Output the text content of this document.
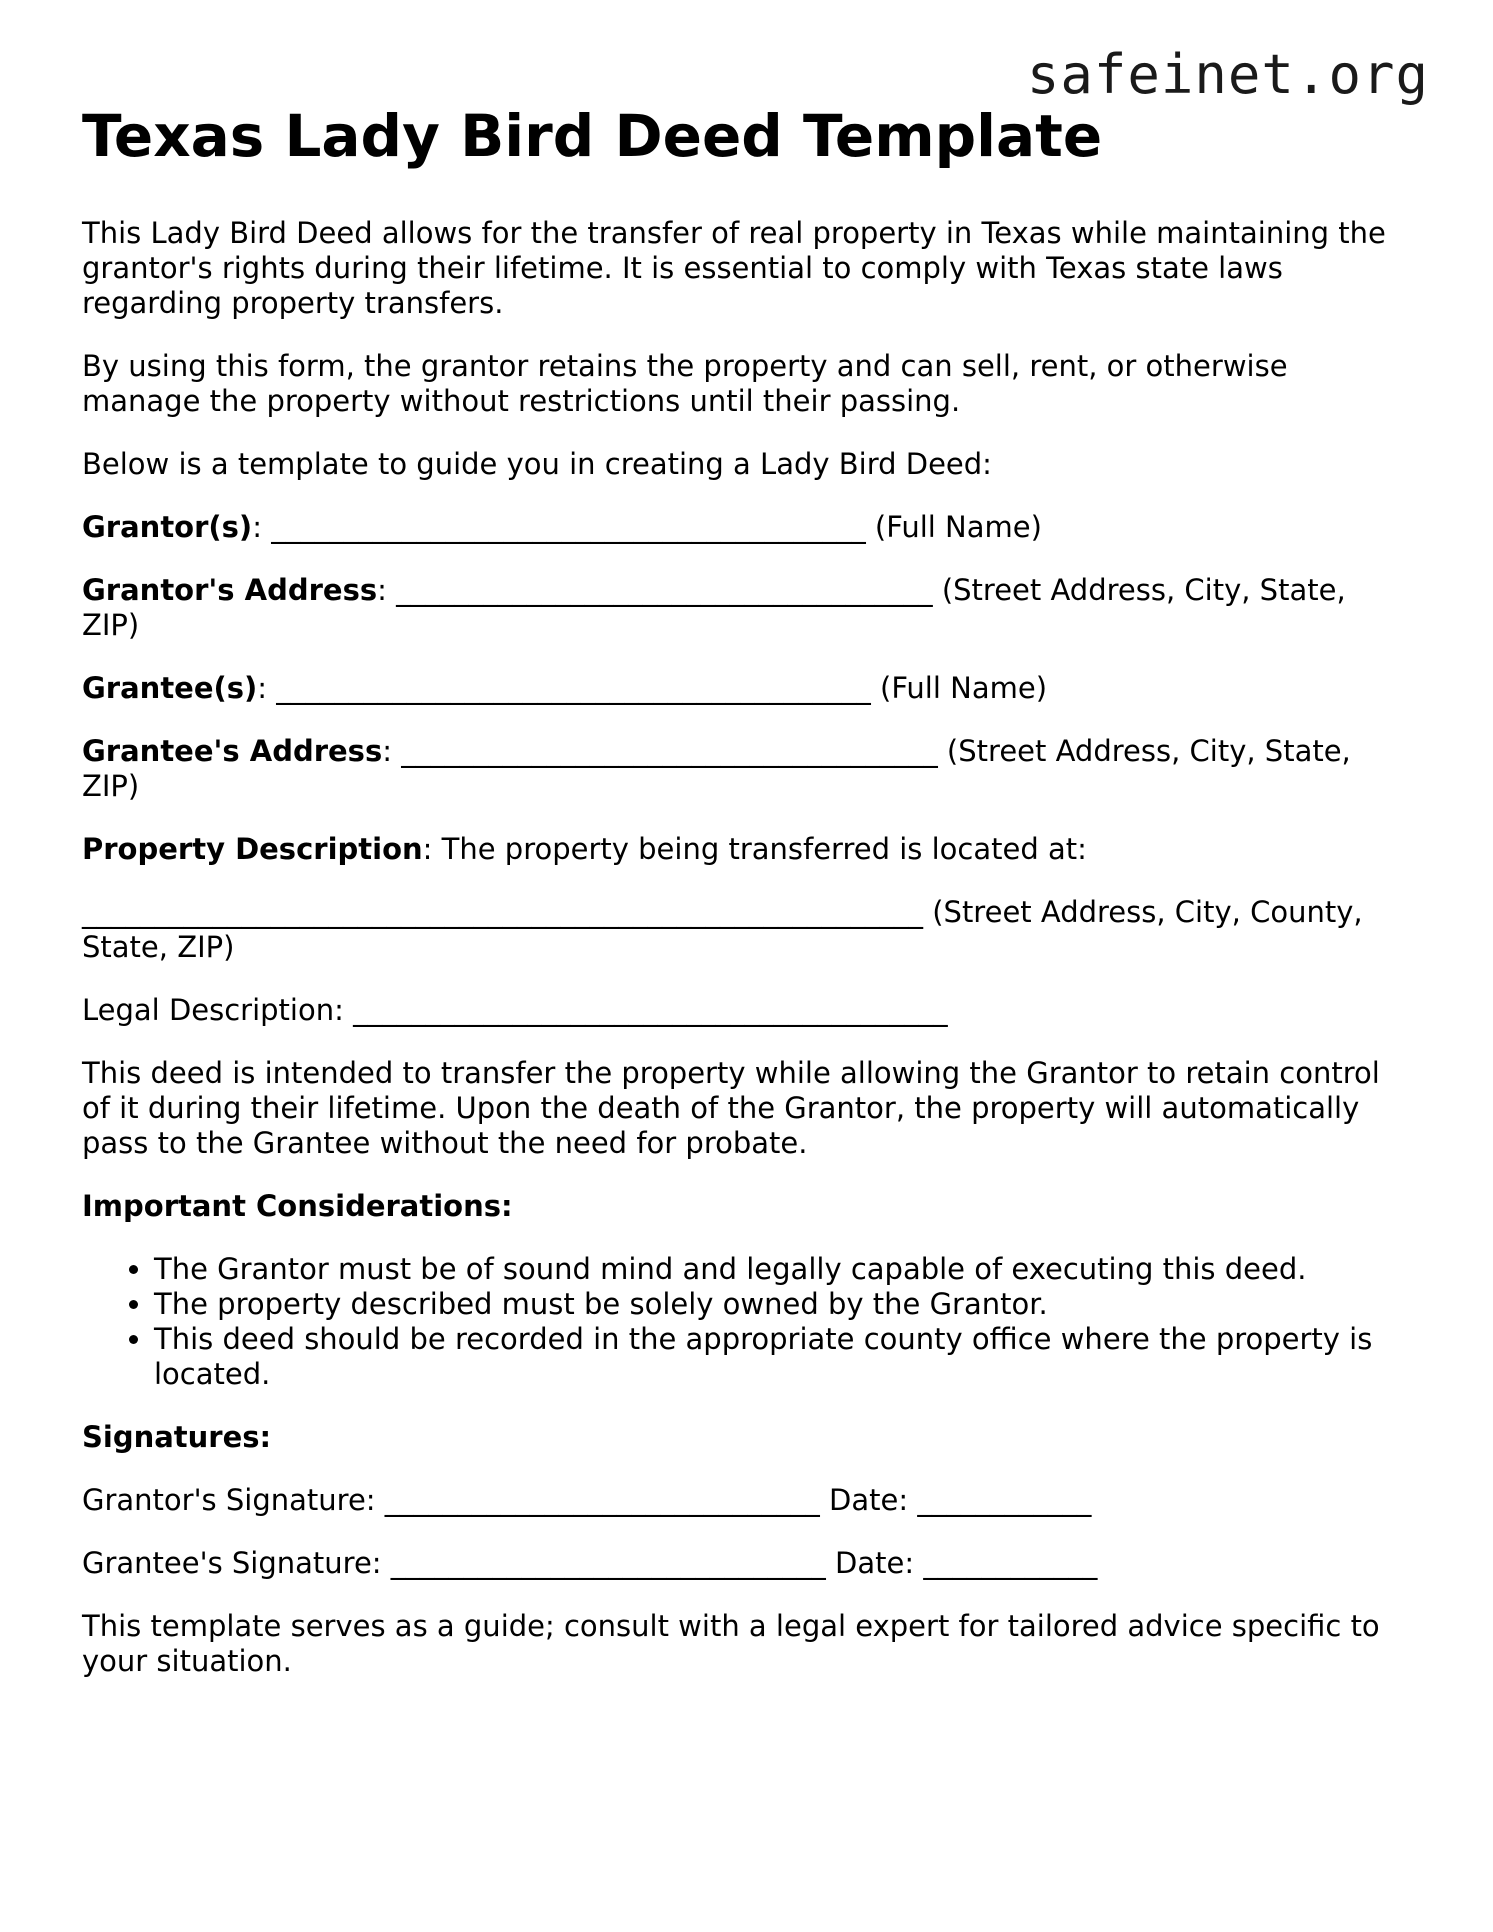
safeinet.org
Texas Lady Bird Deed Template

This Lady Bird Deed allows for the transfer of real property in Texas while maintaining the grantor's rights during their lifetime. It is essential to comply with Texas state laws regarding property transfers.

By using this form, the grantor retains the property and can sell, rent, or otherwise manage the property without restrictions until their passing.

Below is a template to guide you in creating a Lady Bird Deed:

Grantor(s): _________________________________________ (Full Name)

Grantor's Address: _____________________________________ (Street Address, City, State, ZIP)

Grantee(s): _________________________________________ (Full Name)

Grantee's Address: _____________________________________ (Street Address, City, State, ZIP)

Property Description: The property being transferred is located at:

__________________________________________________________ (Street Address, City, County, State, ZIP)

Legal Description: _________________________________________

This deed is intended to transfer the property while allowing the Grantor to retain control of it during their lifetime. Upon the death of the Grantor, the property will automatically pass to the Grantee without the need for probate.

Important Considerations:

• The Grantor must be of sound mind and legally capable of executing this deed.
• The property described must be solely owned by the Grantor.
• This deed should be recorded in the appropriate county office where the property is located.

Signatures:

Grantor's Signature: ______________________________ Date: ____________

Grantee's Signature: ______________________________ Date: ____________

This template serves as a guide; consult with a legal expert for tailored advice specific to your situation.
